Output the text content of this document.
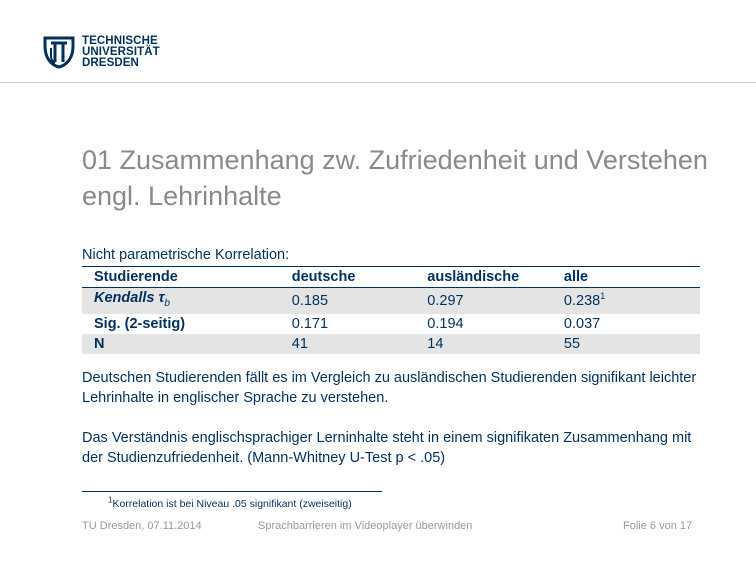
TECHNISCHE
UNIVERSITÄT
DRESDEN
01 Zusammenhang zw. Zufriedenheit und Verstehen engl. Lehrinhalte
Nicht parametrische Korrelation:
Studierende	deutsche	ausländische	alle
Kendalls $\tau_b$	0.185	0.297	0.238$^1$
Sig. (2-seitig)	0.171	0.194	0.037
N	41	14	55

Deutschen Studierenden fällt es im Vergleich zu ausländischen Studierenden signifikant leichter Lehrinhalte in englischer Sprache zu verstehen.

Das Verständnis englischsprachiger Lerninhalte steht in einem signifikaten Zusammenhang mit der Studienzufriedenheit. (Mann-Whitney U-Test p < .05)

$^1$Korrelation ist bei Niveau .05 signifikant (zweiseitig)
TU Dresden, 07.11.2014	Sprachbarrieren im Videoplayer überwinden	Folie 6 von 17
